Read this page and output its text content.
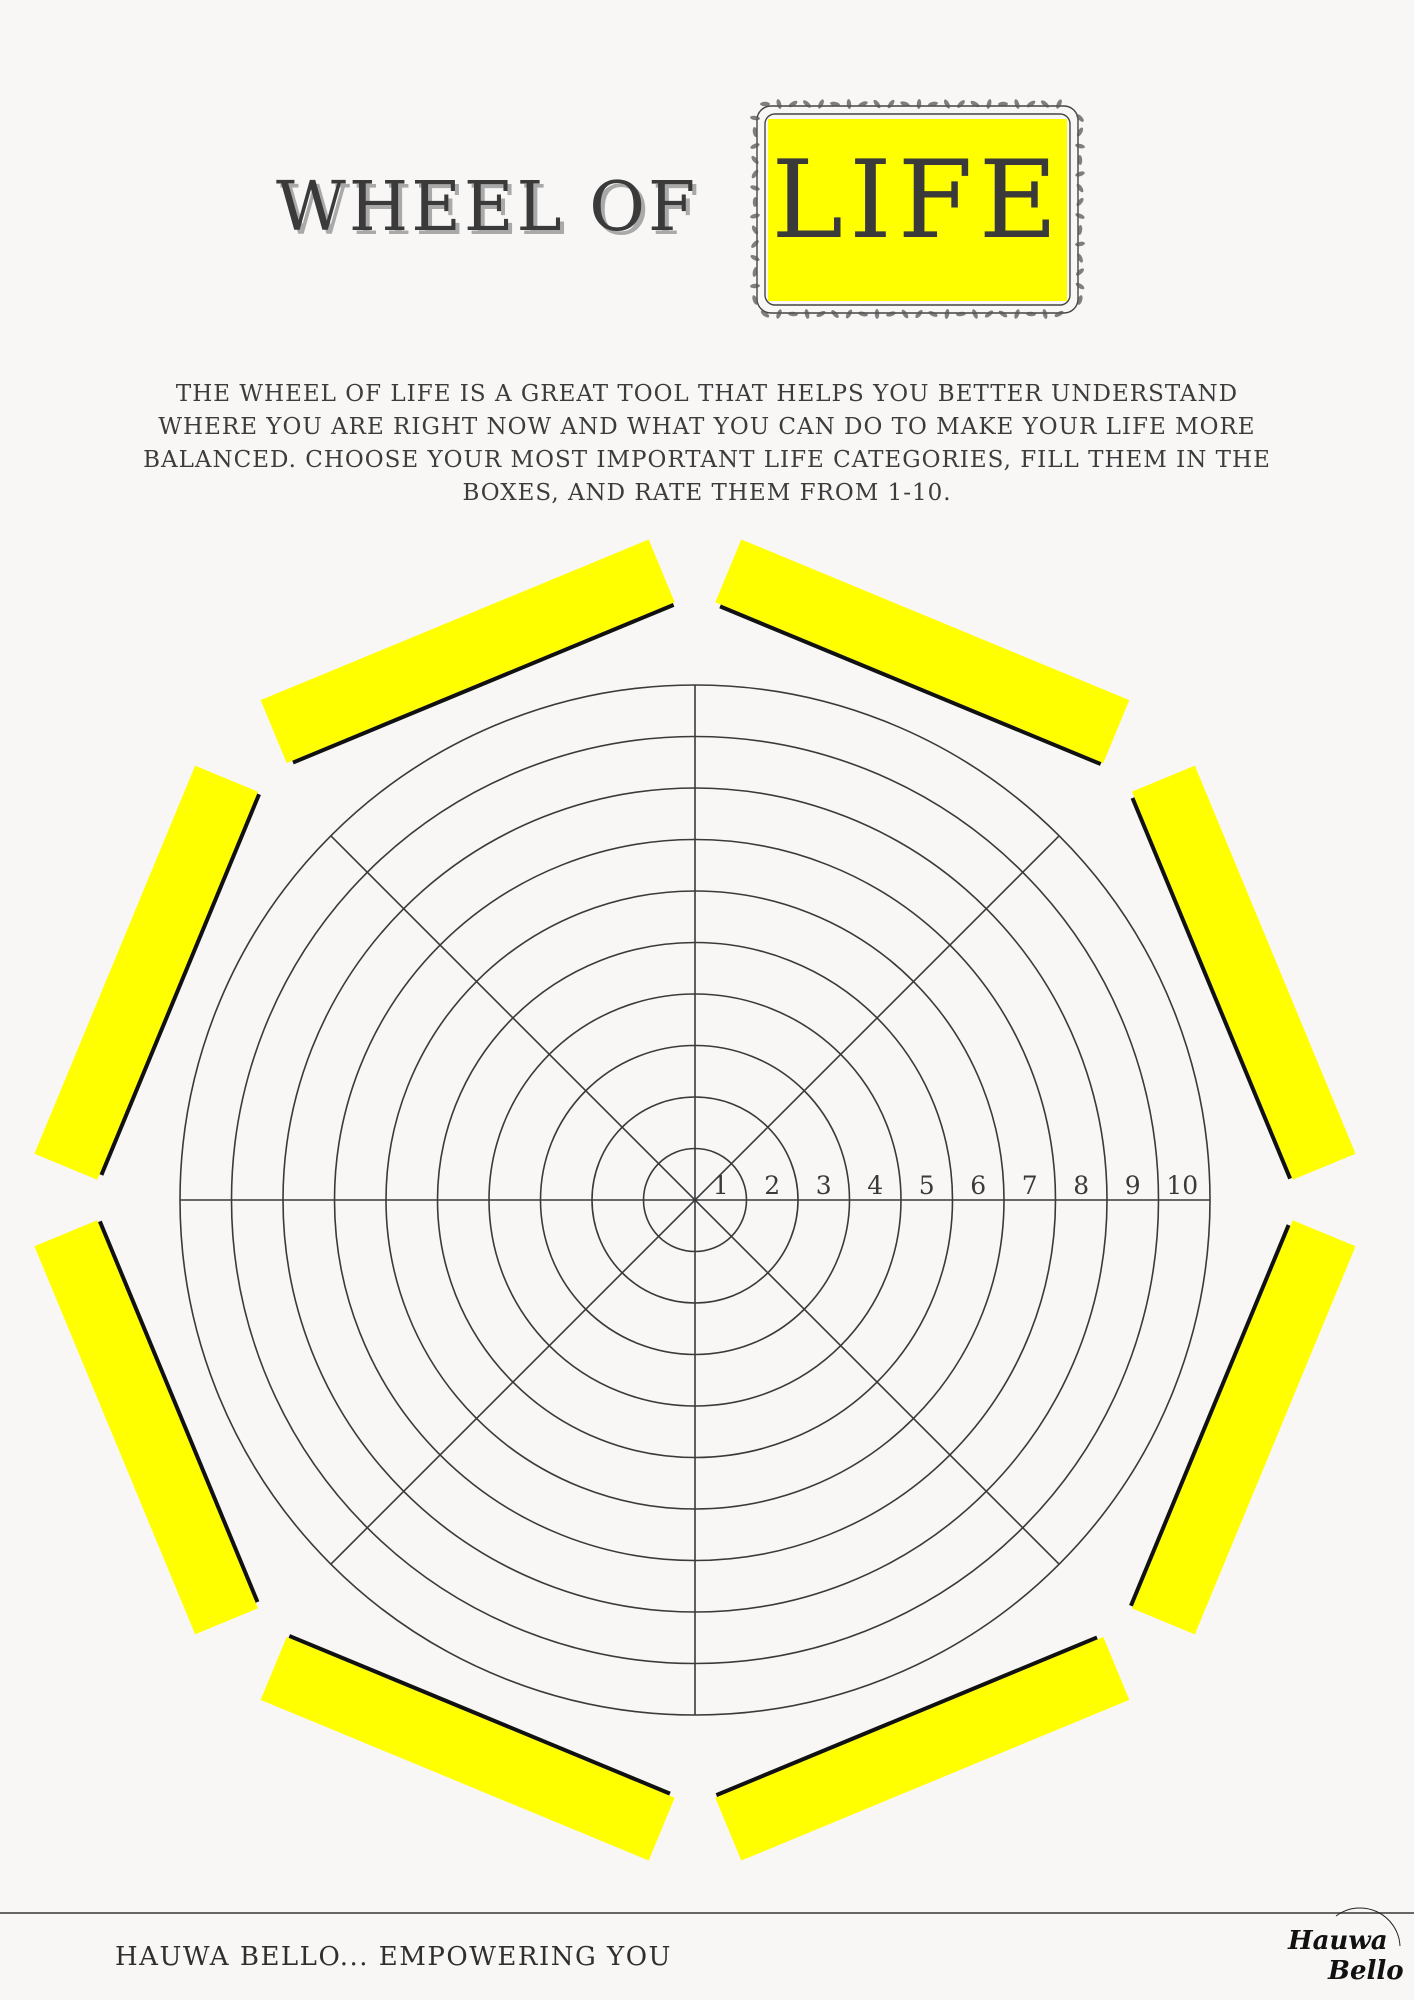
WHEEL OF LIFE
THE WHEEL OF LIFE IS A GREAT TOOL THAT HELPS YOU BETTER UNDERSTAND WHERE YOU ARE RIGHT NOW AND WHAT YOU CAN DO TO MAKE YOUR LIFE MORE BALANCED. CHOOSE YOUR MOST IMPORTANT LIFE CATEGORIES, FILL THEM IN THE BOXES, AND RATE THEM FROM 1-10.
1 2 3 4 5 6 7 8 9 10
HAUWA BELLO... EMPOWERING YOU
Hauwa
Bello
